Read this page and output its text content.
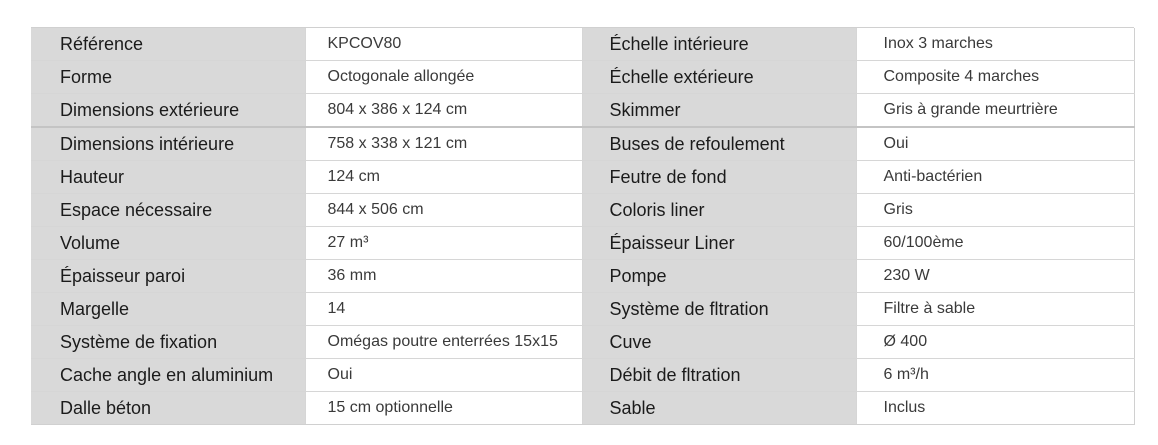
Référence	KPCOV80	Échelle intérieure	Inox 3 marches
Forme	Octogonale allongée	Échelle extérieure	Composite 4 marches
Dimensions extérieure	804 x 386 x 124 cm	Skimmer	Gris à grande meurtrière
Dimensions intérieure	758 x 338 x 121 cm	Buses de refoulement	Oui
Hauteur	124 cm	Feutre de fond	Anti-bactérien
Espace nécessaire	844 x 506 cm	Coloris liner	Gris
Volume	27 m³	Épaisseur Liner	60/100ème
Épaisseur paroi	36 mm	Pompe	230 W
Margelle	14	Système de fltration	Filtre à sable
Système de fixation	Omégas poutre enterrées 15x15	Cuve	Ø 400
Cache angle en aluminium	Oui	Débit de fltration	6 m³/h
Dalle béton	15 cm optionnelle	Sable	Inclus
